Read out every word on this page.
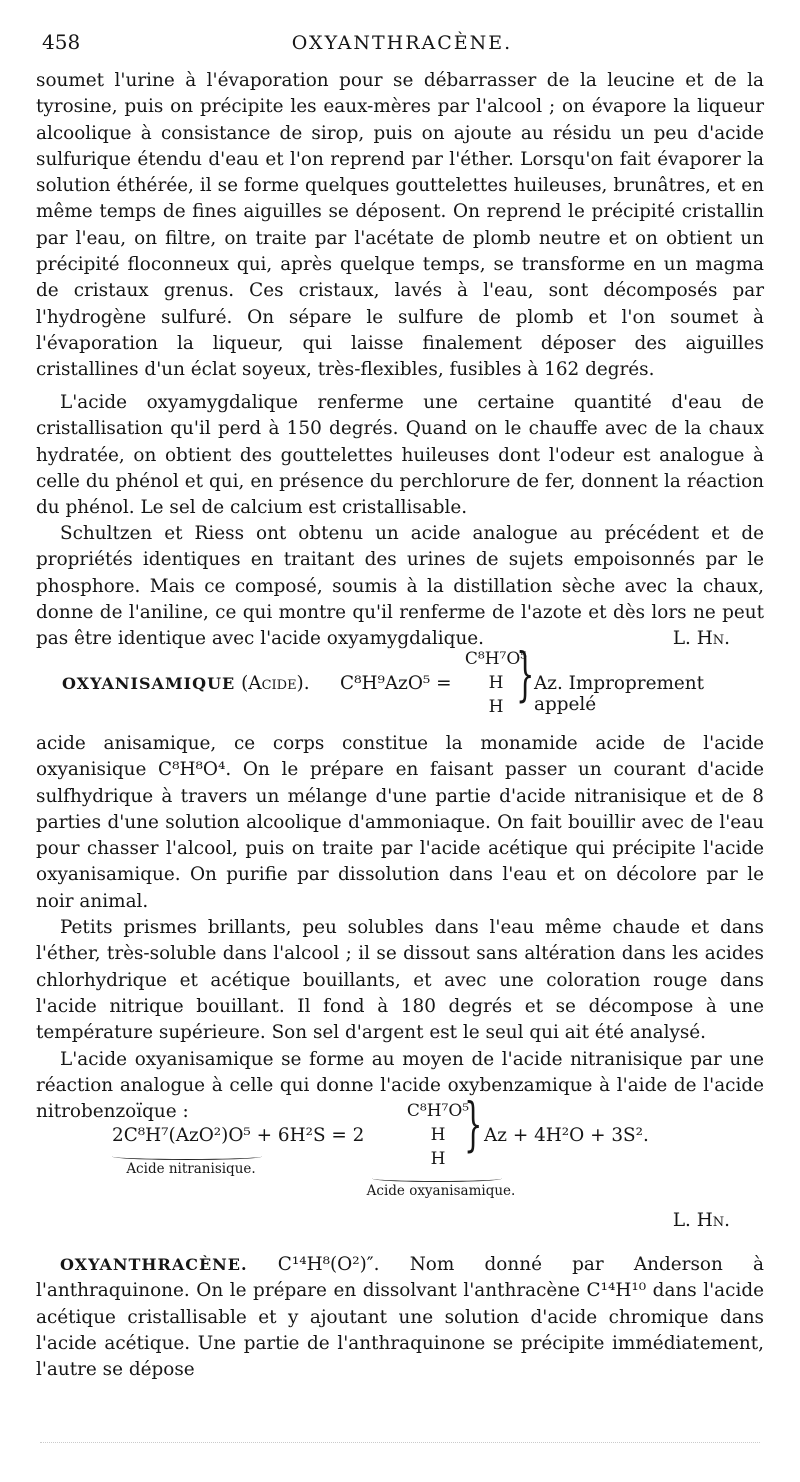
458	OXYANTHRACÈNE.

soumet l'urine à l'évaporation pour se débarrasser de la leucine et de la tyrosine, puis on précipite les eaux-mères par l'alcool ; on évapore la liqueur alcoolique à consistance de sirop, puis on ajoute au résidu un peu d'acide sulfurique étendu d'eau et l'on reprend par l'éther. Lorsqu'on fait évaporer la solution éthérée, il se forme quelques gouttelettes huileuses, brunâtres, et en même temps de fines aiguilles se déposent. On reprend le précipité cristallin par l'eau, on filtre, on traite par l'acétate de plomb neutre et on obtient un précipité floconneux qui, après quelque temps, se transforme en un magma de cristaux grenus. Ces cristaux, lavés à l'eau, sont décomposés par l'hydrogène sulfuré. On sépare le sulfure de plomb et l'on soumet à l'évaporation la liqueur, qui laisse finalement déposer des aiguilles cristallines d'un éclat soyeux, très-flexibles, fusibles à 162 degrés.

L'acide oxyamygdalique renferme une certaine quantité d'eau de cristallisation qu'il perd à 150 degrés. Quand on le chauffe avec de la chaux hydratée, on obtient des gouttelettes huileuses dont l'odeur est analogue à celle du phénol et qui, en présence du perchlorure de fer, donnent la réaction du phénol. Le sel de calcium est cristallisable.

Schultzen et Riess ont obtenu un acide analogue au précédent et de propriétés identiques en traitant des urines de sujets empoisonnés par le phosphore. Mais ce composé, soumis à la distillation sèche avec la chaux, donne de l'aniline, ce qui montre qu'il renferme de l'azote et dès lors ne peut pas être identique avec l'acide oxyamygdalique.	L. Hn.
OXYANISAMIQUE (Acide). C⁸H⁹AzO⁵ =
C⁸H⁷O⁵
H
H } Az. Improprement appelé

acide anisamique, ce corps constitue la monamide acide de l'acide oxyanisique C⁸H⁸O⁴. On le prépare en faisant passer un courant d'acide sulfhydrique à travers un mélange d'une partie d'acide nitranisique et de 8 parties d'une solution alcoolique d'ammoniaque. On fait bouillir avec de l'eau pour chasser l'alcool, puis on traite par l'acide acétique qui précipite l'acide oxyanisamique. On purifie par dissolution dans l'eau et on décolore par le noir animal.

Petits prismes brillants, peu solubles dans l'eau même chaude et dans l'éther, très-soluble dans l'alcool ; il se dissout sans altération dans les acides chlorhydrique et acétique bouillants, et avec une coloration rouge dans l'acide nitrique bouillant. Il fond à 180 degrés et se décompose à une température supérieure. Son sel d'argent est le seul qui ait été analysé.

L'acide oxyanisamique se forme au moyen de l'acide nitranisique par une réaction analogue à celle qui donne l'acide oxybenzamique à l'aide de l'acide nitrobenzoïque :

2C⁸H⁷(AzO²)O⁵ + 6H²S = 2
C⁸H⁷O⁵
H
H
} Az + 4H²O + 3S².
Acide nitranisique.
Acide oxyanisamique.
L. Hn.

OXYANTHRACÈNE. C¹⁴H⁸(O²)″. Nom donné par Anderson à l'anthraquinone. On le prépare en dissolvant l'anthracène C¹⁴H¹⁰ dans l'acide acétique cristallisable et y ajoutant une solution d'acide chromique dans l'acide acétique. Une partie de l'anthraquinone se précipite immédiatement, l'autre se dépose
